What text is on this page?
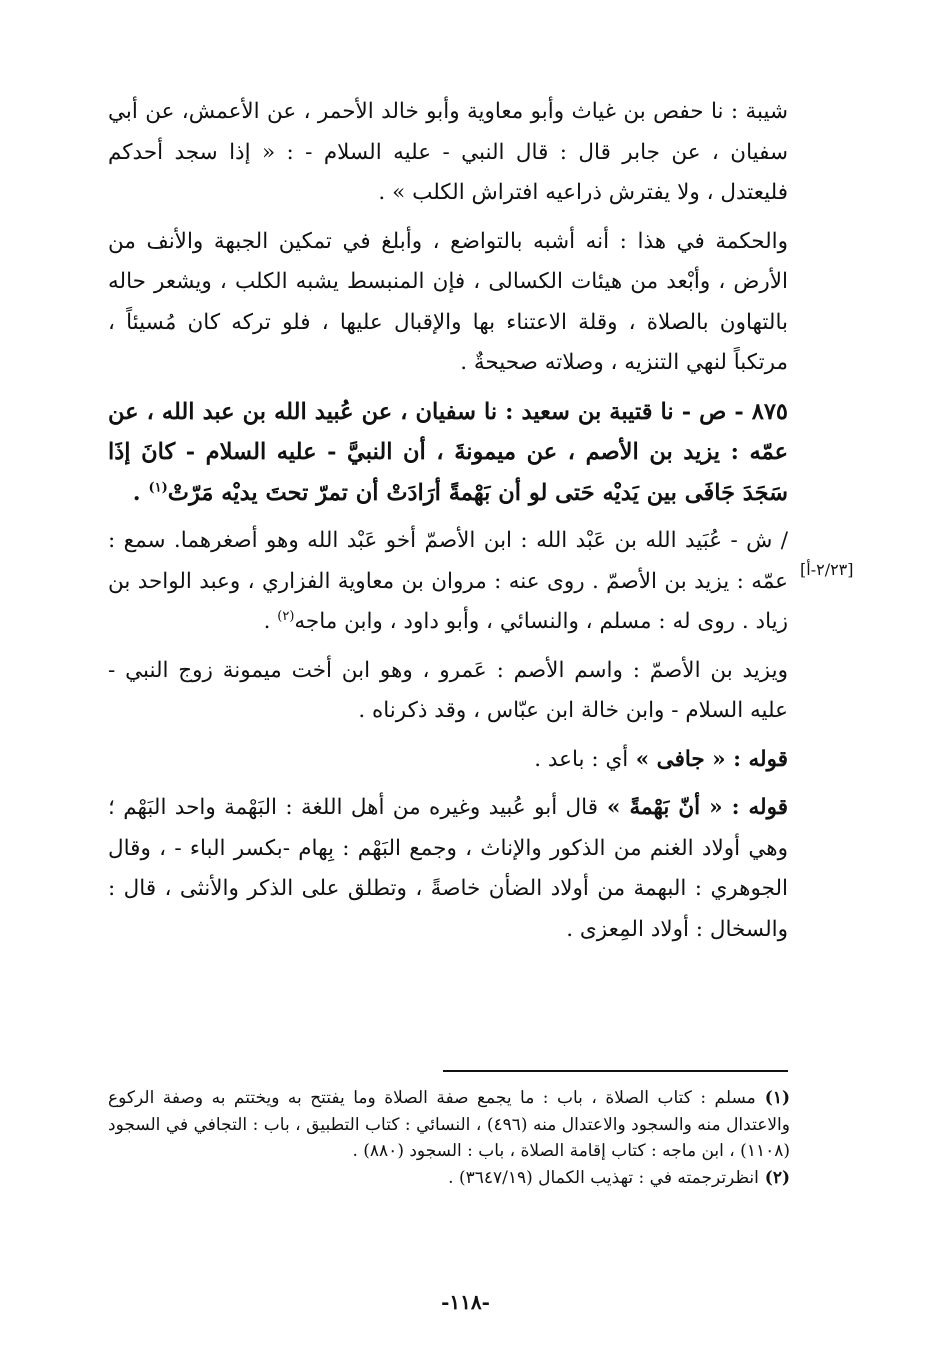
شيبة : نا حفص بن غياث وأبو معاوية وأبو خالد الأحمر ، عن الأعمش، عن أبي سفيان ، عن جابر قال : قال النبي - عليه السلام - : « إذا سجد أحدكم فليعتدل ، ولا يفترش ذراعيه افتراش الكلب » .

والحكمة في هذا : أنه أشبه بالتواضع ، وأبلغ في تمكين الجبهة والأنف من الأرض ، وأبْعد من هيئات الكسالى ، فإن المنبسط يشبه الكلب ، ويشعر حاله بالتهاون بالصلاة ، وقلة الاعتناء بها والإقبال عليها ، فلو تركه كان مُسيئاً ، مرتكباً لنهي التنزيه ، وصلاته صحيحةٌ .

٨٧٥ - ص - نا قتيبة بن سعيد : نا سفيان ، عن عُبيد الله بن عبد الله ، عن عمّه : يزيد بن الأصم ، عن ميمونةَ ، أن النبيَّ - عليه السلام - كانَ إذَا سَجَدَ جَافَى بين يَديْه حَتى لو أن بَهْمةً أرَادَتْ أن تمرّ تحتَ يديْه مَرّتْ$^{(١)}$ .

/ ش - عُبَيد الله بن عَبْد الله : ابن الأصمّ أخو عَبْد الله وهو أصغرهما. سمع : عمّه : يزيد بن الأصمّ . روى عنه : مروان بن معاوية الفزاري ، وعبد الواحد بن زياد . روى له : مسلم ، والنسائي ، وأبو داود ، وابن ماجه$^{(٢)}$ .

ويزيد بن الأصمّ : واسم الأصم : عَمرو ، وهو ابن أخت ميمونة زوج النبي - عليه السلام - وابن خالة ابن عبّاس ، وقد ذكرناه .

قوله : « جافى » أي : باعد .

قوله : « أنّ بَهْمةً » قال أبو عُبيد وغيره من أهل اللغة : البَهْمة واحد البَهْم ؛ وهي أولاد الغنم من الذكور والإناث ، وجمع البَهْم : بِهام -بكسر الباء - ، وقال الجوهري : البهمة من أولاد الضأن خاصةً ، وتطلق على الذكر والأنثى ، قال : والسخال : أولاد المِعزى .

[٢/٢٣-أ]

(١) مسلم : كتاب الصلاة ، باب : ما يجمع صفة الصلاة وما يفتتح به ويختتم به وصفة الركوع والاعتدال منه والسجود والاعتدال منه (٤٩٦) ، النسائي : كتاب التطبيق ، باب : التجافي في السجود (١١٠٨) ، ابن ماجه : كتاب إقامة الصلاة ، باب : السجود (٨٨٠) .

(٢) انظرترجمته في : تهذيب الكمال (٣٦٤٧/١٩) .

-١١٨-
